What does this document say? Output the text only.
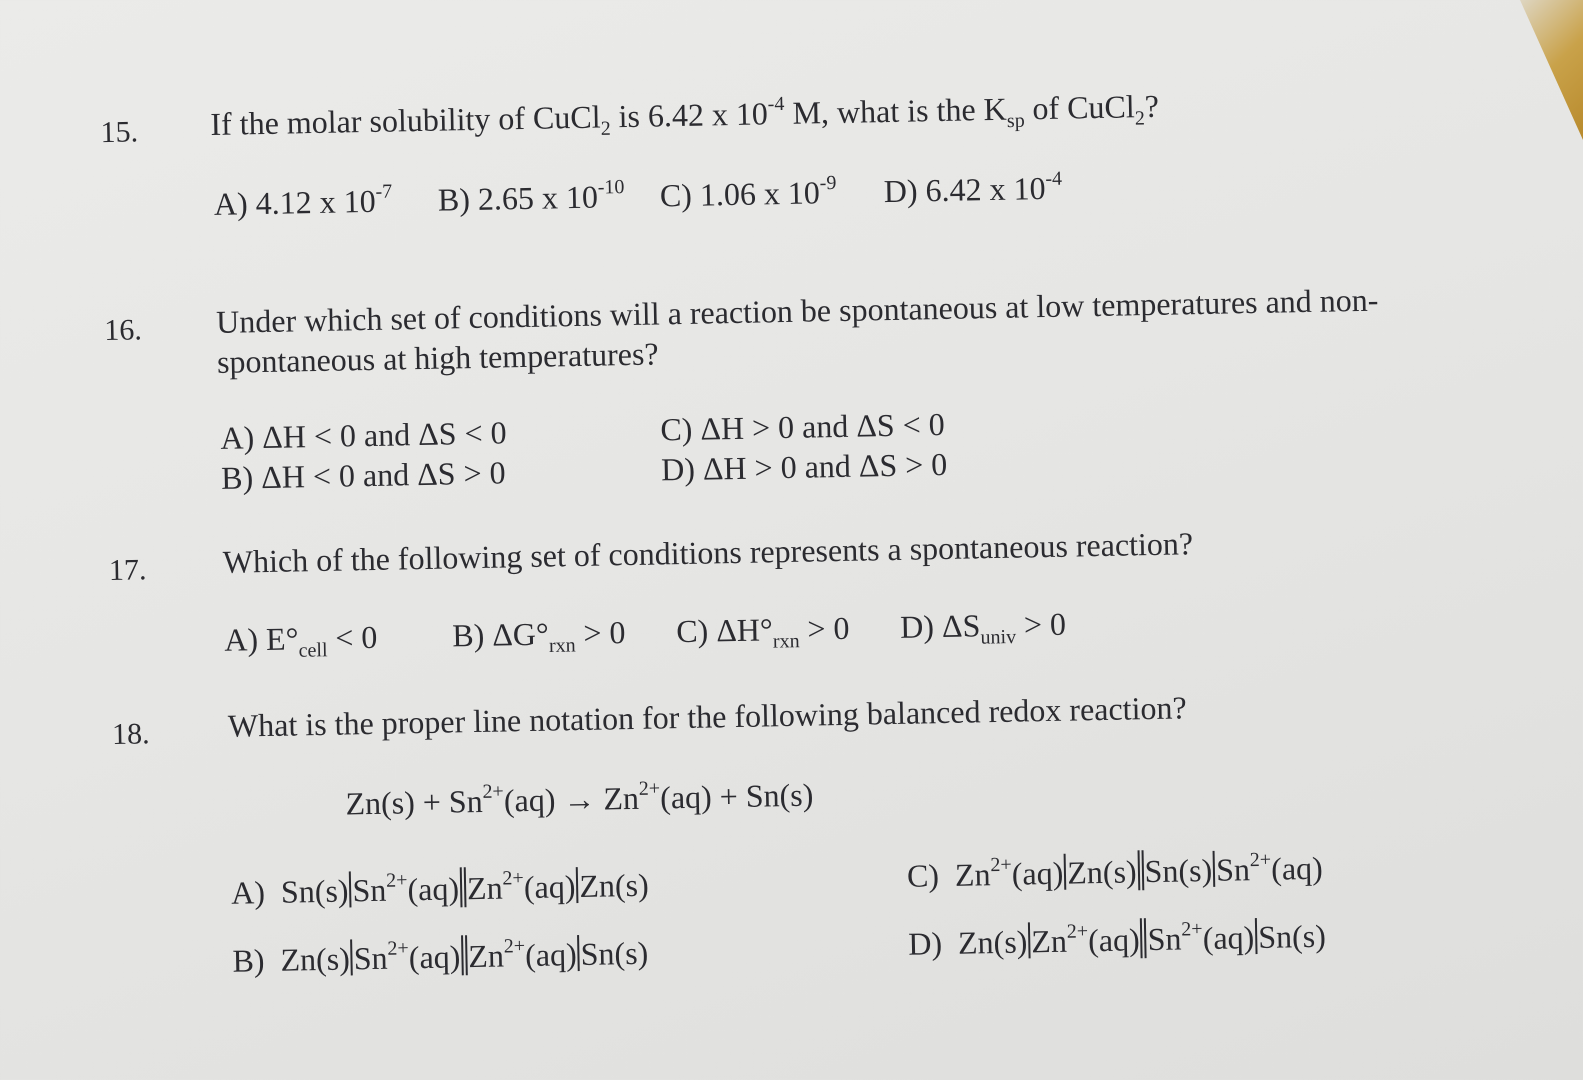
15. If the molar solubility of CuCl$_2$ is 6.42 x $10^{-4}$ M, what is the $K_{sp}$ of CuCl$_2$?
A) 4.12 x $10^{-7}$ B) 2.65 x $10^{-10}$ C) 1.06 x $10^{-9}$ D) 6.42 x $10^{-4}$
16. Under which set of conditions will a reaction be spontaneous at low temperatures and non-
spontaneous at high temperatures?
A) ΔH < 0 and ΔS < 0
B) ΔH < 0 and ΔS > 0
C) ΔH > 0 and ΔS < 0
D) ΔH > 0 and ΔS > 0
17. Which of the following set of conditions represents a spontaneous reaction?
A) $E^\circ_{cell} < 0$ B) $\Delta G^\circ_{rxn} > 0$ C) $\Delta H^\circ_{rxn} > 0$ D) $\Delta S_{univ} > 0$
18. What is the proper line notation for the following balanced redox reaction?
$Zn(s) + Sn^{2+}(aq) \to Zn^{2+}(aq) + Sn(s)$
A) Sn(s) $Sn^{2+}(aq)$ $Zn^{2+}(aq)$ Zn(s)
B) Zn(s) $Sn^{2+}(aq)$ $Zn^{2+}(aq)$ Sn(s)
C) $Zn^{2+}(aq)$ Zn(s) Sn(s) $Sn^{2+}(aq)$
D) Zn(s) $Zn^{2+}(aq)$ $Sn^{2+}(aq)$ Sn(s)
